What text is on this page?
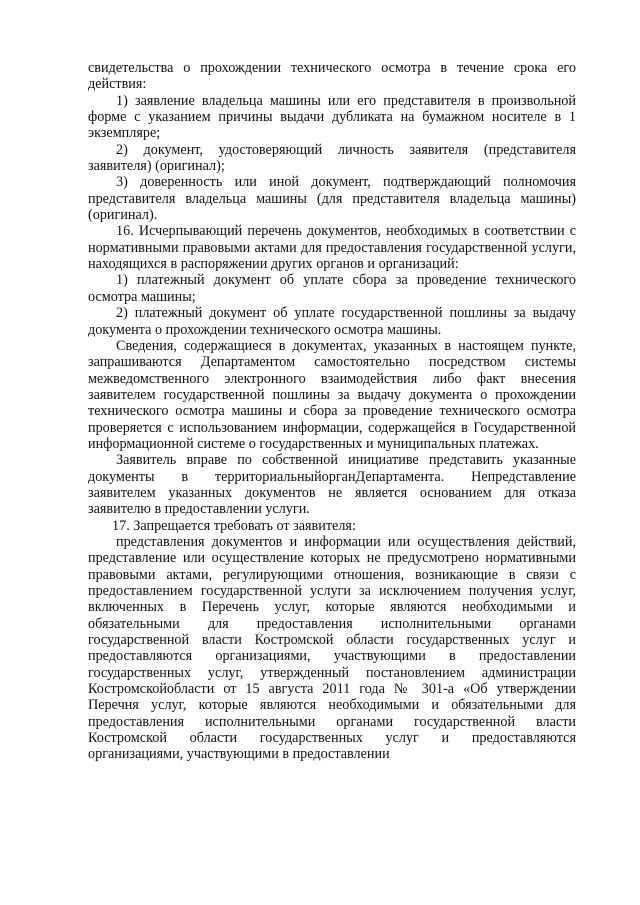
свидетельства о прохождении технического осмотра в течение срока его действия:

1) заявление владельца машины или его представителя в произвольной форме с указанием причины выдачи дубликата на бумажном носителе в 1 экземпляре;

2) документ, удостоверяющий личность заявителя (представителя заявителя) (оригинал);

3) доверенность или иной документ, подтверждающий полномочия представителя владельца машины (для представителя владельца машины)(оригинал).

16. Исчерпывающий перечень документов, необходимых в соответствии с нормативными правовыми актами для предоставления государственной услуги, находящихся в распоряжении других органов и организаций:

1) платежный документ об уплате сбора за проведение технического осмотра машины;

2) платежный документ об уплате государственной пошлины за выдачу документа о прохождении технического осмотра машины.

Сведения, содержащиеся в документах, указанных в настоящем пункте, запрашиваются Департаментом самостоятельно посредством системы межведомственного электронного взаимодействия либо факт внесения заявителем государственной пошлины за выдачу документа о прохождении технического осмотра машины и сбора за проведение технического осмотра проверяется с использованием информации, содержащейся в Государственной информационной системе о государственных и муниципальных платежах.

Заявитель вправе по собственной инициативе представить указанные документы в территориальныйорганДепартамента. Непредставление заявителем указанных документов не является основанием для отказа заявителю в предоставлении услуги.

17. Запрещается требовать от заявителя:

представления документов и информации или осуществления действий, представление или осуществление которых не предусмотрено нормативными правовыми актами, регулирующими отношения, возникающие в связи с предоставлением государственной услуги за исключением получения услуг, включенных в Перечень услуг, которые являются необходимыми и обязательными для предоставления исполнительными органами государственной власти Костромской области государственных услуг и предоставляются организациями, участвующими в предоставлении государственных услуг, утвержденный постановлением администрации Костромскойобласти от 15 августа 2011 года № 301-а «Об утверждении Перечня услуг, которые являются необходимыми и обязательными для предоставления исполнительными органами государственной власти Костромской области государственных услуг и предоставляются организациями, участвующими в предоставлении
